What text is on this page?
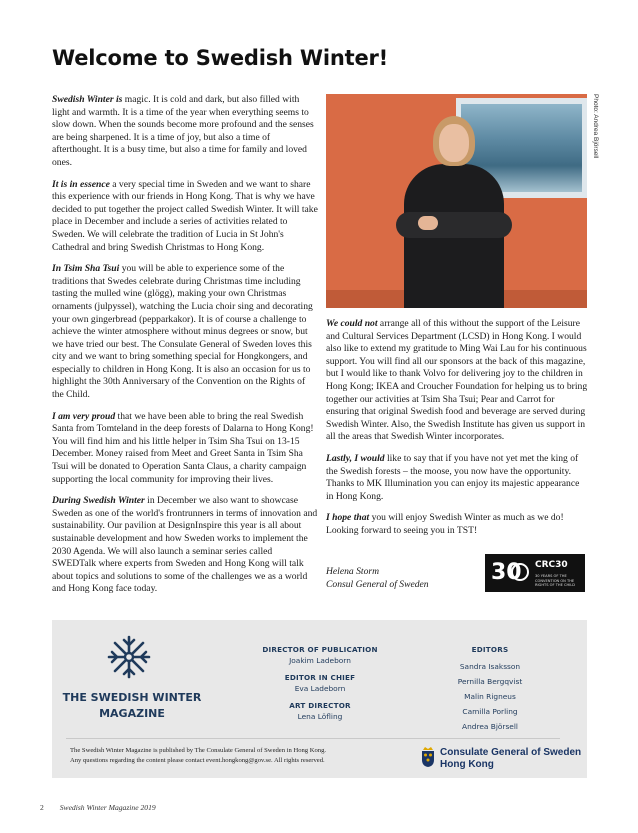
Welcome to Swedish Winter!

Swedish Winter is magic. It is cold and dark, but also filled with light and warmth. It is a time of the year when everything seems to slow down. When the sounds become more profound and the senses are being sharpened. It is a time of joy, but also a time of afterthought. It is a busy time, but also a time for family and loved ones.

It is in essence a very special time in Sweden and we want to share this experience with our friends in Hong Kong. That is why we have decided to put together the project called Swedish Winter. It will take place in December and include a series of activities related to Sweden. We will celebrate the tradition of Lucia in St John's Cathedral and bring Swedish Christmas to Hong Kong.

In Tsim Sha Tsui you will be able to experience some of the traditions that Swedes celebrate during Christmas time including tasting the mulled wine (glögg), making your own Christmas ornaments (julpyssel), watching the Lucia choir sing and decorating your own gingerbread (pepparkakor). It is of course a challenge to achieve the winter atmosphere without minus degrees or snow, but we have tried our best. The Consulate General of Sweden loves this city and we want to bring something special for Hongkongers, and especially to children in Hong Kong. It is also an occasion for us to highlight the 30th Anniversary of the Convention on the Rights of the Child.

I am very proud that we have been able to bring the real Swedish Santa from Tomteland in the deep forests of Dalarna to Hong Kong! You will find him and his little helper in Tsim Sha Tsui on 13-15 December. Money raised from Meet and Greet Santa in Tsim Sha Tsui will be donated to Operation Santa Claus, a charity campaign supporting the local community for improving their lives.

During Swedish Winter in December we also want to showcase Sweden as one of the world's frontrunners in terms of innovation and sustainability. Our pavilion at DesignInspire this year is all about sustainable development and how Sweden works to implement the 2030 Agenda. We will also launch a seminar series called SWEDTalk where experts from Sweden and Hong Kong will talk about topics and solutions to some of the challenges we as a world and Hong Kong face today.

Photo: Andrea Björsell

We could not arrange all of this without the support of the Leisure and Cultural Services Department (LCSD) in Hong Kong. I would also like to extend my gratitude to Ming Wai Lau for his continuous support. You will find all our sponsors at the back of this magazine, but I would like to thank Volvo for delivering joy to the children in Hong Kong; IKEA and Croucher Foundation for helping us to bring together our activities at Tsim Sha Tsui; Pear and Carrot for ensuring that original Swedish food and beverage are served during Swedish Winter. Also, the Swedish Institute has given us support in all the areas that Swedish Winter incorporates.

Lastly, I would like to say that if you have not yet met the king of the Swedish forests – the moose, you now have the opportunity. Thanks to MK Illumination you can enjoy its majestic appearance in Hong Kong.

I hope that you will enjoy Swedish Winter as much as we do! Looking forward to seeing you in TST!

Helena Storm
Consul General of Sweden	30 CRC30
30 YEARS OF THE CONVENTION ON THE RIGHTS OF THE CHILD
THE SWEDISH WINTER MAGAZINE

DIRECTOR OF PUBLICATION

Joakim Ladeborn

EDITOR IN CHIEF

Eva Ladeborn

ART DIRECTOR

Lena Löfling

EDITORS

Sandra Isaksson

Pernilla Bergqvist

Malin Rigneus

Camilla Porling

Andrea Björsell

The Swedish Winter Magazine is published by The Consulate General of Sweden in Hong Kong.
Any questions regarding the content please contact event.hongkong@gov.se. All rights reserved.
Consulate General of Sweden
Hong Kong
2 Swedish Winter Magazine 2019
